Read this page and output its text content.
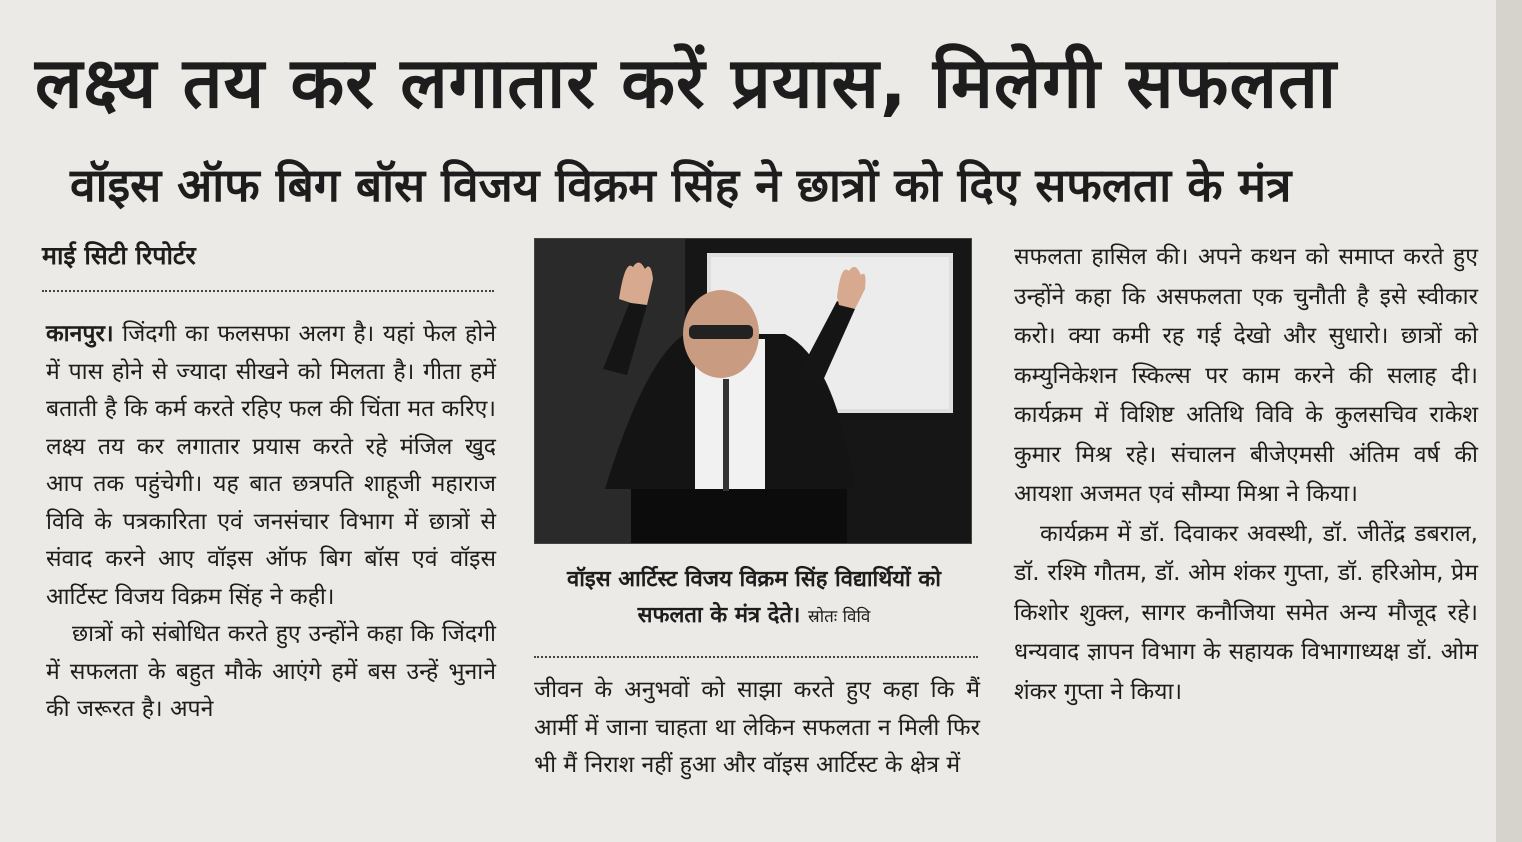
लक्ष्य तय कर लगातार करें प्रयास, मिलेगी सफलता
वॉइस ऑफ बिग बॉस विजय विक्रम सिंह ने छात्रों को दिए सफलता के मंत्र
माई सिटी रिपोर्टर

कानपुर। जिंदगी का फलसफा अलग है। यहां फेल होने में पास होने से ज्यादा सीखने को मिलता है। गीता हमें बताती है कि कर्म करते रहिए फल की चिंता मत करिए। लक्ष्य तय कर लगातार प्रयास करते रहे मंजिल खुद आप तक पहुंचेगी। यह बात छत्रपति शाहूजी महाराज विवि के पत्रकारिता एवं जनसंचार विभाग में छात्रों से संवाद करने आए वॉइस ऑफ बिग बॉस एवं वॉइस आर्टिस्ट विजय विक्रम सिंह ने कही।

छात्रों को संबोधित करते हुए उन्होंने कहा कि जिंदगी में सफलता के बहुत मौके आएंगे हमें बस उन्हें भुनाने की जरूरत है। अपने

वॉइस आर्टिस्ट विजय विक्रम सिंह विद्यार्थियों को सफलता के मंत्र देते। स्रोतः विवि

जीवन के अनुभवों को साझा करते हुए कहा कि मैं आर्मी में जाना चाहता था लेकिन सफलता न मिली फिर भी मैं निराश नहीं हुआ और वॉइस आर्टिस्ट के क्षेत्र में

सफलता हासिल की। अपने कथन को समाप्त करते हुए उन्होंने कहा कि असफलता एक चुनौती है इसे स्वीकार करो। क्या कमी रह गई देखो और सुधारो। छात्रों को कम्युनिकेशन स्किल्स पर काम करने की सलाह दी। कार्यक्रम में विशिष्ट अतिथि विवि के कुलसचिव राकेश कुमार मिश्र रहे। संचालन बीजेएमसी अंतिम वर्ष की आयशा अजमत एवं सौम्या मिश्रा ने किया।

कार्यक्रम में डॉ. दिवाकर अवस्थी, डॉ. जीतेंद्र डबराल, डॉ. रश्मि गौतम, डॉ. ओम शंकर गुप्ता, डॉ. हरिओम, प्रेम किशोर शुक्ल, सागर कनौजिया समेत अन्य मौजूद रहे। धन्यवाद ज्ञापन विभाग के सहायक विभागाध्यक्ष डॉ. ओम शंकर गुप्ता ने किया।
